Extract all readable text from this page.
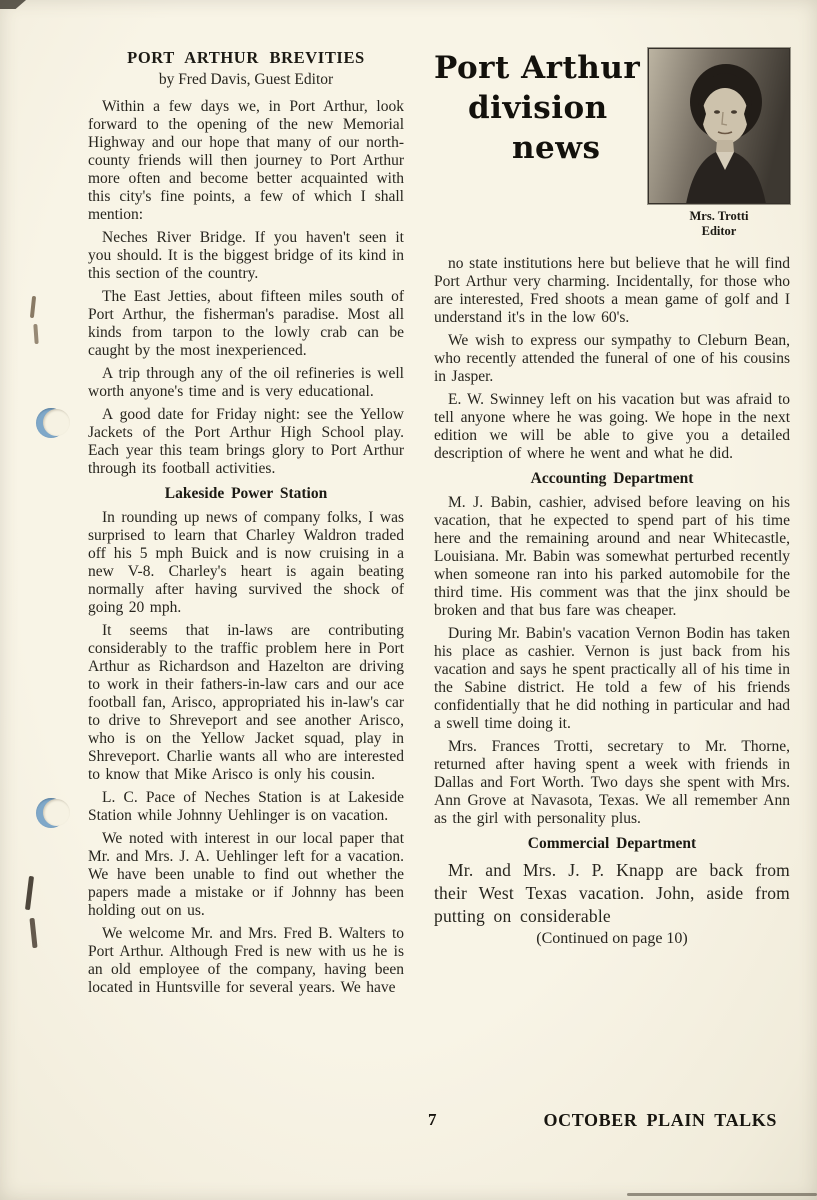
PORT ARTHUR BREVITIES
by Fred Davis, Guest Editor

Within a few days we, in Port Arthur, look forward to the opening of the new Memorial Highway and our hope that many of our north-county friends will then journey to Port Arthur more often and become better acquainted with this city's fine points, a few of which I shall mention:

Neches River Bridge. If you haven't seen it you should. It is the biggest bridge of its kind in this section of the country.

The East Jetties, about fifteen miles south of Port Arthur, the fisherman's paradise. Most all kinds from tarpon to the lowly crab can be caught by the most inexperienced.

A trip through any of the oil refineries is well worth anyone's time and is very educational.

A good date for Friday night: see the Yellow Jackets of the Port Arthur High School play. Each year this team brings glory to Port Arthur through its football activities.

Lakeside Power Station

In rounding up news of company folks, I was surprised to learn that Charley Waldron traded off his 5 mph Buick and is now cruising in a new V-8. Charley's heart is again beating normally after having survived the shock of going 20 mph.

It seems that in-laws are contributing considerably to the traffic problem here in Port Arthur as Richardson and Hazelton are driving to work in their fathers-in-law cars and our ace football fan, Arisco, appropriated his in-law's car to drive to Shreveport and see another Arisco, who is on the Yellow Jacket squad, play in Shreveport. Charlie wants all who are interested to know that Mike Arisco is only his cousin.

L. C. Pace of Neches Station is at Lakeside Station while Johnny Uehlinger is on vacation.

We noted with interest in our local paper that Mr. and Mrs. J. A. Uehlinger left for a vacation. We have been unable to find out whether the papers made a mistake or if Johnny has been holding out on us.

We welcome Mr. and Mrs. Fred B. Walters to Port Arthur. Although Fred is new with us he is an old employee of the company, having been located in Huntsville for several years. We have

Port Arthur
division
news
Mrs. Trotti
Editor

no state institutions here but believe that he will find Port Arthur very charming. Incidentally, for those who are interested, Fred shoots a mean game of golf and I understand it's in the low 60's.

We wish to express our sympathy to Cleburn Bean, who recently attended the funeral of one of his cousins in Jasper.

E. W. Swinney left on his vacation but was afraid to tell anyone where he was going. We hope in the next edition we will be able to give you a detailed description of where he went and what he did.

Accounting Department

M. J. Babin, cashier, advised before leaving on his vacation, that he expected to spend part of his time here and the remaining around and near Whitecastle, Louisiana. Mr. Babin was somewhat perturbed recently when someone ran into his parked automobile for the third time. His comment was that the jinx should be broken and that bus fare was cheaper.

During Mr. Babin's vacation Vernon Bodin has taken his place as cashier. Vernon is just back from his vacation and says he spent practically all of his time in the Sabine district. He told a few of his friends confidentially that he did nothing in particular and had a swell time doing it.

Mrs. Frances Trotti, secretary to Mr. Thorne, returned after having spent a week with friends in Dallas and Fort Worth. Two days she spent with Mrs. Ann Grove at Navasota, Texas. We all remember Ann as the girl with personality plus.

Commercial Department

Mr. and Mrs. J. P. Knapp are back from their West Texas vacation. John, aside from putting on considerable

(Continued on page 10)
7	OCTOBER PLAIN TALKS
